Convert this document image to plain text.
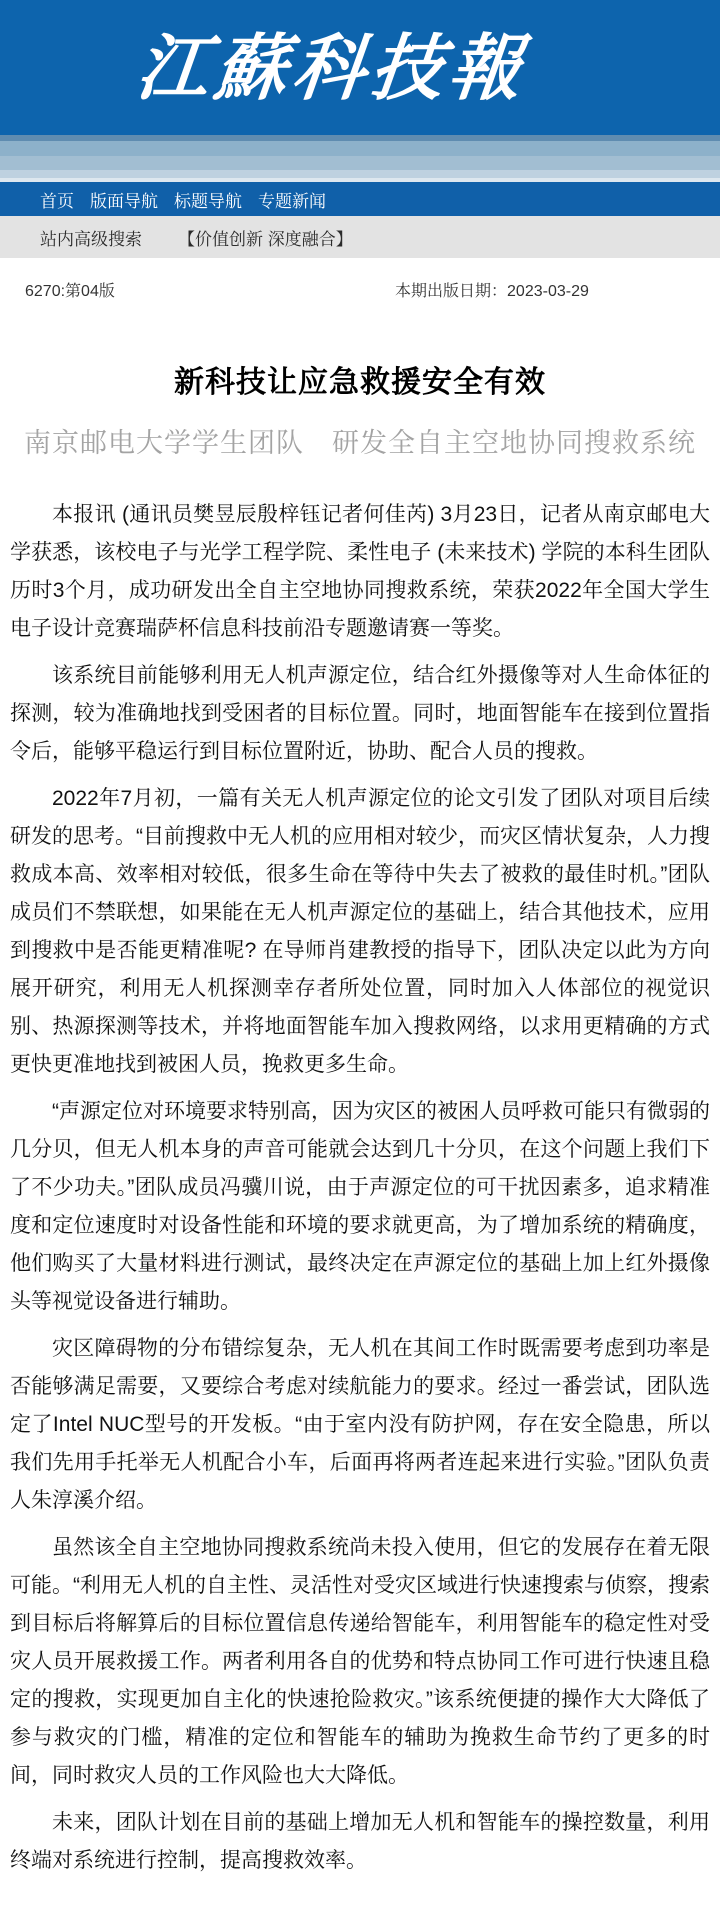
江蘇科技報
首页 版面导航 标题导航 专题新闻
站内高级搜索 【价值创新 深度融合】
6270:第04版	本期出版日期：2023-03-29
新科技让应急救援安全有效
南京邮电大学学生团队　研发全自主空地协同搜救系统

本报讯 (通讯员樊昱辰殷梓钰记者何佳芮) 3月23日，记者从南京邮电大学获悉，该校电子与光学工程学院、柔性电子 (未来技术) 学院的本科生团队历时3个月，成功研发出全自主空地协同搜救系统，荣获2022年全国大学生电子设计竞赛瑞萨杯信息科技前沿专题邀请赛一等奖。

该系统目前能够利用无人机声源定位，结合红外摄像等对人生命体征的探测，较为准确地找到受困者的目标位置。同时，地面智能车在接到位置指令后，能够平稳运行到目标位置附近，协助、配合人员的搜救。

2022年7月初，一篇有关无人机声源定位的论文引发了团队对项目后续研发的思考。“目前搜救中无人机的应用相对较少，而灾区情状复杂，人力搜救成本高、效率相对较低，很多生命在等待中失去了被救的最佳时机。”团队成员们不禁联想，如果能在无人机声源定位的基础上，结合其他技术，应用到搜救中是否能更精准呢? 在导师肖建教授的指导下，团队决定以此为方向展开研究，利用无人机探测幸存者所处位置，同时加入人体部位的视觉识别、热源探测等技术，并将地面智能车加入搜救网络，以求用更精确的方式更快更准地找到被困人员，挽救更多生命。

“声源定位对环境要求特别高，因为灾区的被困人员呼救可能只有微弱的几分贝，但无人机本身的声音可能就会达到几十分贝，在这个问题上我们下了不少功夫。”团队成员冯骥川说，由于声源定位的可干扰因素多，追求精准度和定位速度时对设备性能和环境的要求就更高，为了增加系统的精确度，他们购买了大量材料进行测试，最终决定在声源定位的基础上加上红外摄像头等视觉设备进行辅助。

灾区障碍物的分布错综复杂，无人机在其间工作时既需要考虑到功率是否能够满足需要，又要综合考虑对续航能力的要求。经过一番尝试，团队选定了Intel NUC型号的开发板。“由于室内没有防护网，存在安全隐患，所以我们先用手托举无人机配合小车，后面再将两者连起来进行实验。”团队负责人朱淳溪介绍。

虽然该全自主空地协同搜救系统尚未投入使用，但它的发展存在着无限可能。“利用无人机的自主性、灵活性对受灾区域进行快速搜索与侦察，搜索到目标后将解算后的目标位置信息传递给智能车，利用智能车的稳定性对受灾人员开展救援工作。两者利用各自的优势和特点协同工作可进行快速且稳定的搜救，实现更加自主化的快速抢险救灾。”该系统便捷的操作大大降低了参与救灾的门槛，精准的定位和智能车的辅助为挽救生命节约了更多的时间，同时救灾人员的工作风险也大大降低。

未来，团队计划在目前的基础上增加无人机和智能车的操控数量，利用终端对系统进行控制，提高搜救效率。
